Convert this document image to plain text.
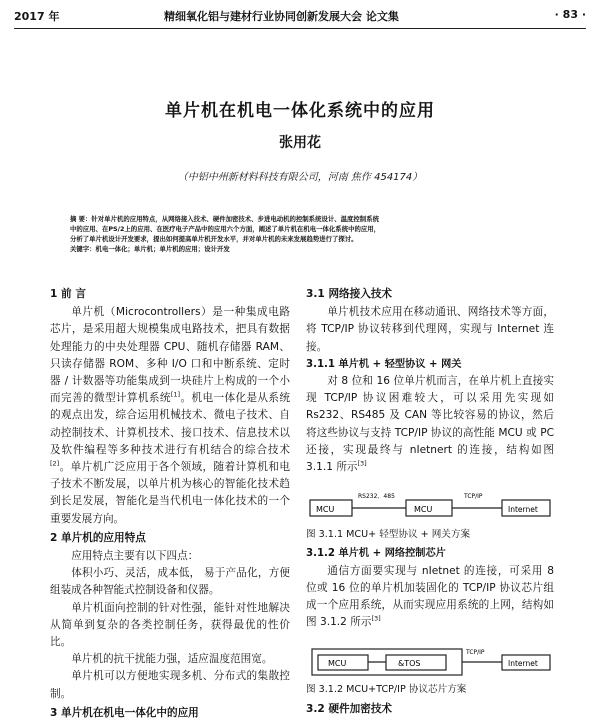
2017 年	精细氧化铝与建材行业协同创新发展大会 论文集	· 83 ·
单片机在机电一体化系统中的应用
张用花
（中铝中州新材料科技有限公司，河南 焦作 454174）

摘 要：针对单片机的应用特点，从网络接入技术、硬件加密技术、步进电动机的控制系统设计、温度控制系统

中的应用、在PS/2上的应用、在医疗电子产品中的应用六个方面，阐述了单片机在机电一体化系统中的应用，

分析了单片机设计开发要求，提出如何提高单片机开发水平，并对单片机的未来发展趋势进行了探讨。

关键字：机电一体化；单片机；单片机的应用；设计开发

1 前 言

单片机（Microcontrollers）是一种集成电路芯片，是采用超大规模集成电路技术，把具有数据处理能力的中央处理器 CPU、随机存储器 RAM、只读存储器 ROM、多种 I/O 口和中断系统、定时器 / 计数器等功能集成到一块硅片上构成的一个小而完善的微型计算机系统[1]。机电一体化是从系统的观点出发，综合运用机械技术、微电子技术、自动控制技术、计算机技术、接口技术、信息技术以及软件编程等多种技术进行有机结合的综合技术[2]。单片机广泛应用于各个领域，随着计算机和电子技术不断发展，以单片机为核心的智能化技术趋到长足发展，智能化是当代机电一体化技术的一个重要发展方向。

2 单片机的应用特点

应用特点主要有以下四点：

体积小巧、灵活，成本低， 易于产品化，方便组装成各种智能式控制设备和仪器。

单片机面向控制的针对性强，能针对性地解决从简单到复杂的各类控制任务，获得最优的性价比。

单片机的抗干扰能力强，适应温度范围宽。

单片机可以方便地实现多机、分布式的集散控制。

3 单片机在机电一体化中的应用
3.1 网络接入技术

单片机技术应用在移动通讯、网络技术等方面，将 TCP/IP 协议转移到代理网，实现与 Internet 连接。

3.1.1 单片机 + 轻型协议 + 网关

对 8 位和 16 位单片机而言，在单片机上直接实现 TCP/IP 协议困难较大，可以采用先实现如 Rs232、RS485 及 CAN 等比较容易的协议，然后将这些协议与支持 TCP/IP 协议的高性能 MCU 或 PC 还接，实现最终与 nIetnert 的连接，结构如图 3.1.1 所示[3]

MCU
RS232、485
MCU
TCP/IP
Internet

图 3.1.1 MCU+ 轻型协议 + 网关方案

3.1.2 单片机 + 网络控制芯片

通信方面要实现与 nIetnet 的连接，可采用 8 位或 16 位的单片机加装固化的 TCP/IP 协议芯片组成一个应用系统，从而实现应用系统的上网，结构如图 3.1.2 所示[3]

MCU	&TOS
TCP/IP
Internet

图 3.1.2 MCU+TCP/IP 协议芯片方案

3.2 硬件加密技术
